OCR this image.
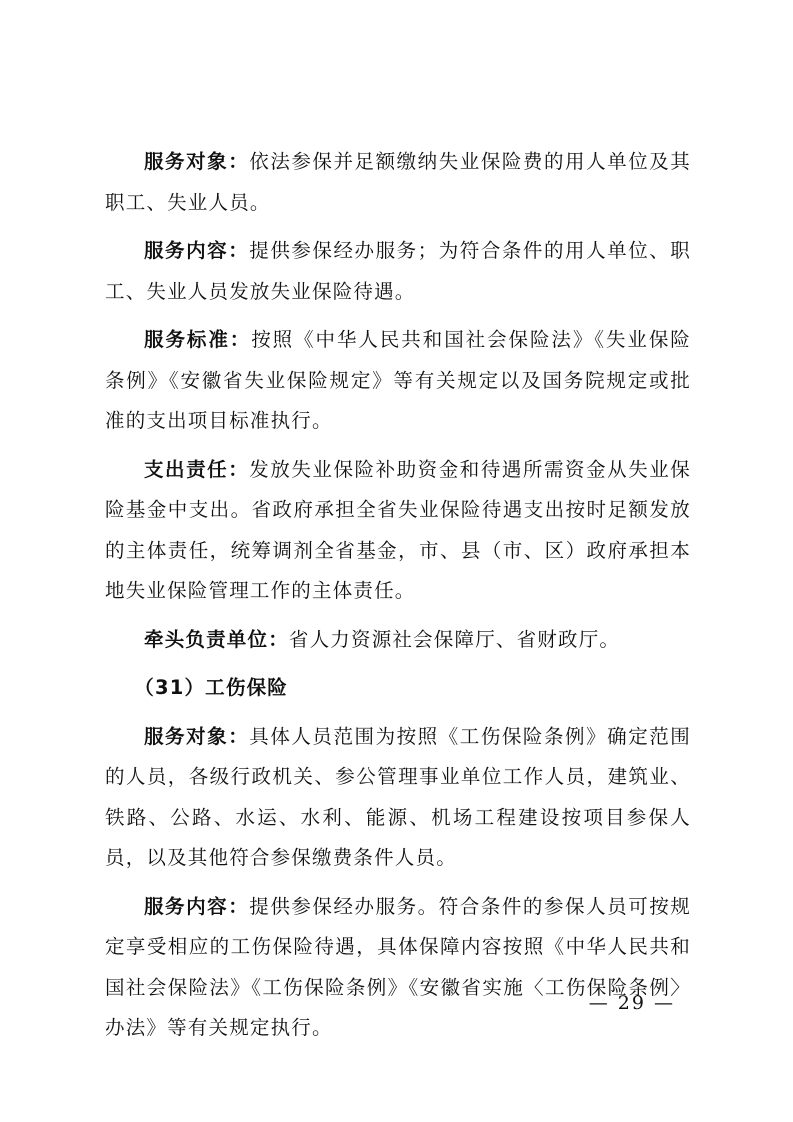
服务对象：依法参保并足额缴纳失业保险费的用人单位及其职工、失业人员。

服务内容：提供参保经办服务；为符合条件的用人单位、职工、失业人员发放失业保险待遇。

服务标准：按照《中华人民共和国社会保险法》《失业保险条例》《安徽省失业保险规定》等有关规定以及国务院规定或批准的支出项目标准执行。

支出责任：发放失业保险补助资金和待遇所需资金从失业保险基金中支出。省政府承担全省失业保险待遇支出按时足额发放的主体责任，统筹调剂全省基金，市、县（市、区）政府承担本地失业保险管理工作的主体责任。

牵头负责单位：省人力资源社会保障厅、省财政厅。

（31）工伤保险

服务对象：具体人员范围为按照《工伤保险条例》确定范围的人员，各级行政机关、参公管理事业单位工作人员，建筑业、铁路、公路、水运、水利、能源、机场工程建设按项目参保人员，以及其他符合参保缴费条件人员。

服务内容：提供参保经办服务。符合条件的参保人员可按规定享受相应的工伤保险待遇，具体保障内容按照《中华人民共和国社会保险法》《工伤保险条例》《安徽省实施〈工伤保险条例〉办法》等有关规定执行。

— 29 —
